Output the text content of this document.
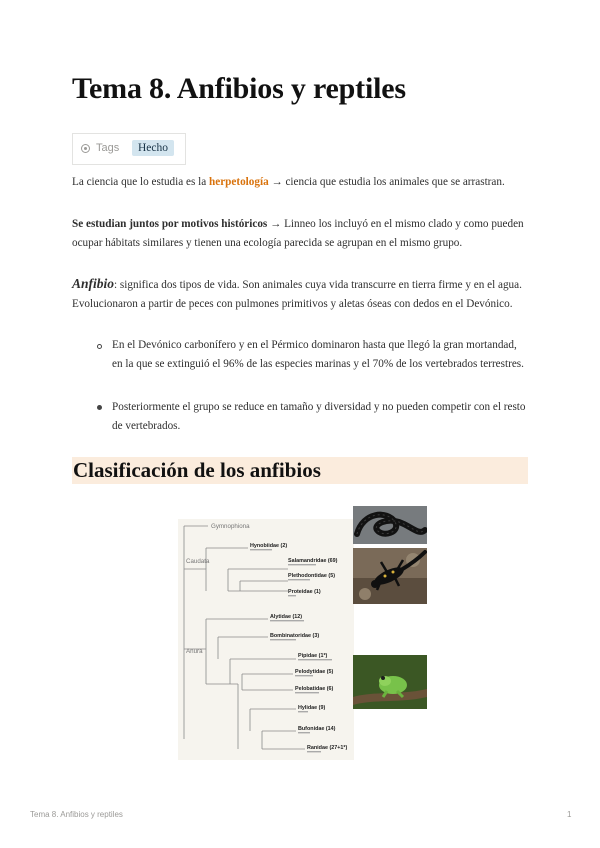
Tema 8. Anfibios y reptiles
Tags	Hecho

La ciencia que lo estudia es la herpetología → ciencia que estudia los animales que se arrastran.

Se estudian juntos por motivos históricos → Linneo los incluyó en el mismo clado y como pueden ocupar hábitats similares y tienen una ecología parecida se agrupan en el mismo grupo.

Anfibio: significa dos tipos de vida. Son animales cuya vida transcurre en tierra firme y en el agua. Evolucionaron a partir de peces con pulmones primitivos y aletas óseas con dedos en el Devónico.

En el Devónico carbonífero y en el Pérmico dominaron hasta que llegó la gran mortandad, en la que se extinguió el 96% de las especies marinas y el 70% de los vertebrados terrestres.

Posteriormente el grupo se reduce en tamaño y diversidad y no pueden competir con el resto de vertebrados.

Clasificación de los anfibios
Gymnophiona
Caudata
Anura
Hynobiidae (2)
Salamandridae (69)
Plethodontidae (5)
Proteidae (1)
Alytidae (12)
Bombinatoridae (3)
Pipidae (1*)
Pelodytidae (5)
Pelobatidae (6)
Hylidae (9)
Bufonidae (14)
Ranidae (27+1*)
Tema 8. Anfibios y reptiles	1
